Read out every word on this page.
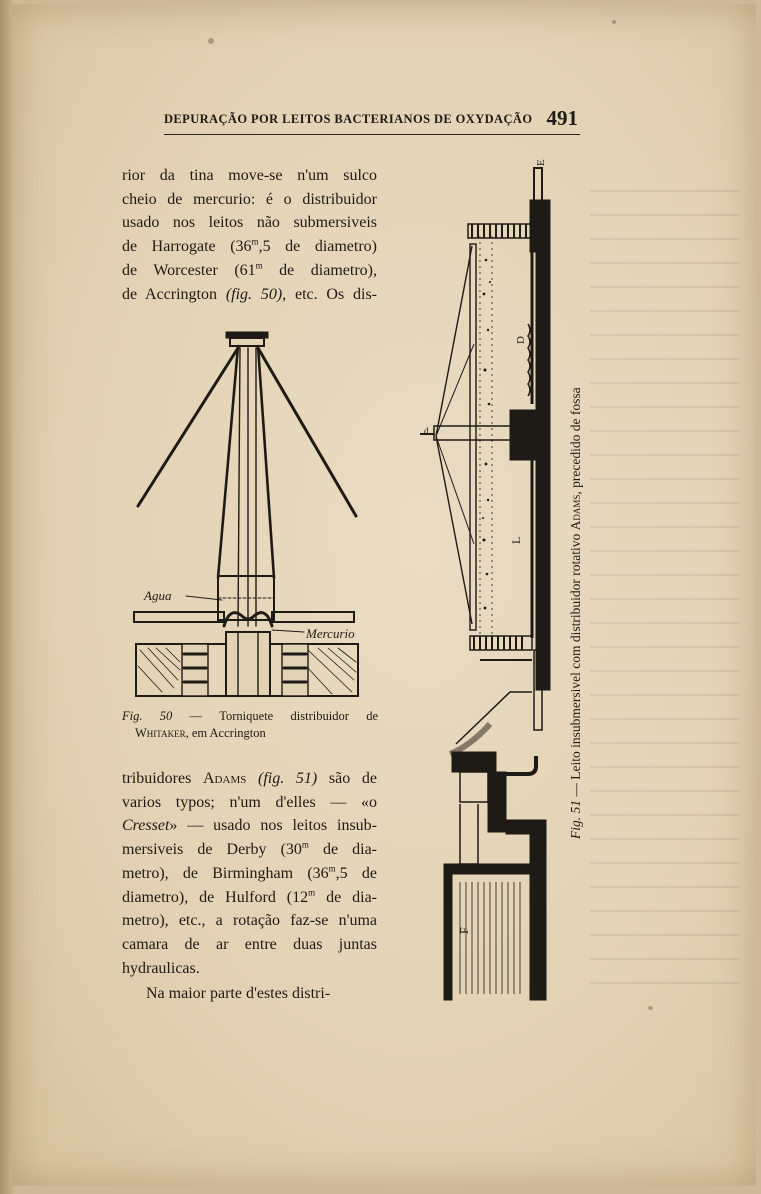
DEPURAÇÃO POR LEITOS BACTERIANOS DE OXYDAÇÃO 491
rior da tina move-se n'um sulco
cheio de mercurio: é o distribuidor
usado nos leitos não submersiveis
de Harrogate (36$^m$,5 de diametro)
de Worcester (61$^m$ de diametro),
de Accrington (fig. 50), etc. Os dis-
Agua
Mercurio
Fig. 50 — Torniquete distribuidor de
Whitaker, em Accrington
tribuidores Adams (fig. 51) são de
varios typos; n'um d'elles — «o
Cresset» — usado nos leitos insub-
mersiveis de Derby (30$^m$ de dia-
metro), de Birmingham (36$^m$,5 de
diametro), de Hulford (12$^m$ de dia-
metro), etc., a rotação faz-se n'uma
camara de ar entre duas juntas
hydraulicas.
Na maior parte d'estes distri-
E
D
L
F
d
Fig. 51 — Leito insubmersivel com distribuidor rotativo Adams, precedido de fossa
